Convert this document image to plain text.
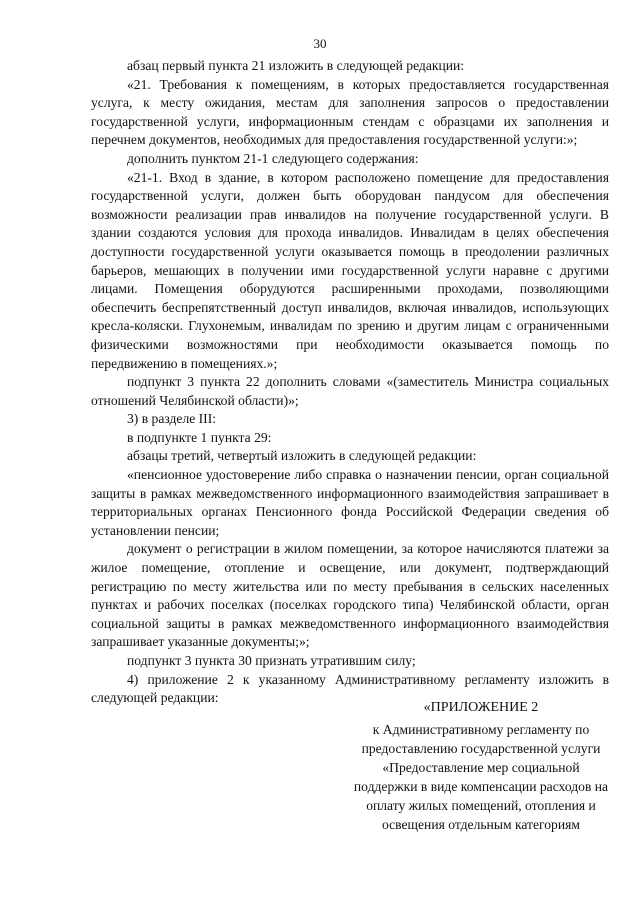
30

абзац первый пункта 21 изложить в следующей редакции:

«21. Требования к помещениям, в которых предоставляется государственная услуга, к месту ожидания, местам для заполнения запросов о предоставлении государственной услуги, информационным стендам с образцами их заполнения и перечнем документов, необходимых для предоставления государственной услуги:»;

дополнить пунктом 21-1 следующего содержания:

«21-1. Вход в здание, в котором расположено помещение для предоставления государственной услуги, должен быть оборудован пандусом для обеспечения возможности реализации прав инвалидов на получение государственной услуги. В здании создаются условия для прохода инвалидов. Инвалидам в целях обеспечения доступности государственной услуги оказывается помощь в преодолении различных барьеров, мешающих в получении ими государственной услуги наравне с другими лицами. Помещения оборудуются расширенными проходами, позволяющими обеспечить беспрепятственный доступ инвалидов, включая инвалидов, использующих кресла-коляски. Глухонемым, инвалидам по зрению и другим лицам с ограниченными физическими возможностями при необходимости оказывается помощь по передвижению в помещениях.»;

подпункт 3 пункта 22 дополнить словами «(заместитель Министра социальных отношений Челябинской области)»;

3) в разделе III:

в подпункте 1 пункта 29:

абзацы третий, четвертый изложить в следующей редакции:

«пенсионное удостоверение либо справка о назначении пенсии, орган социальной защиты в рамках межведомственного информационного взаимодействия запрашивает в территориальных органах Пенсионного фонда Российской Федерации сведения об установлении пенсии;

документ о регистрации в жилом помещении, за которое начисляются платежи за жилое помещение, отопление и освещение, или документ, подтверждающий регистрацию по месту жительства или по месту пребывания в сельских населенных пунктах и рабочих поселках (поселках городского типа) Челябинской области, орган социальной защиты в рамках межведомственного информационного взаимодействия запрашивает указанные документы;»;

подпункт 3 пункта 30 признать утратившим силу;

4) приложение 2 к указанному Административному регламенту изложить в следующей редакции:

«ПРИЛОЖЕНИЕ 2
к Административному регламенту по предоставлению государственной услуги «Предоставление мер социальной поддержки в виде компенсации расходов на оплату жилых помещений, отопления и освещения отдельным категориям
